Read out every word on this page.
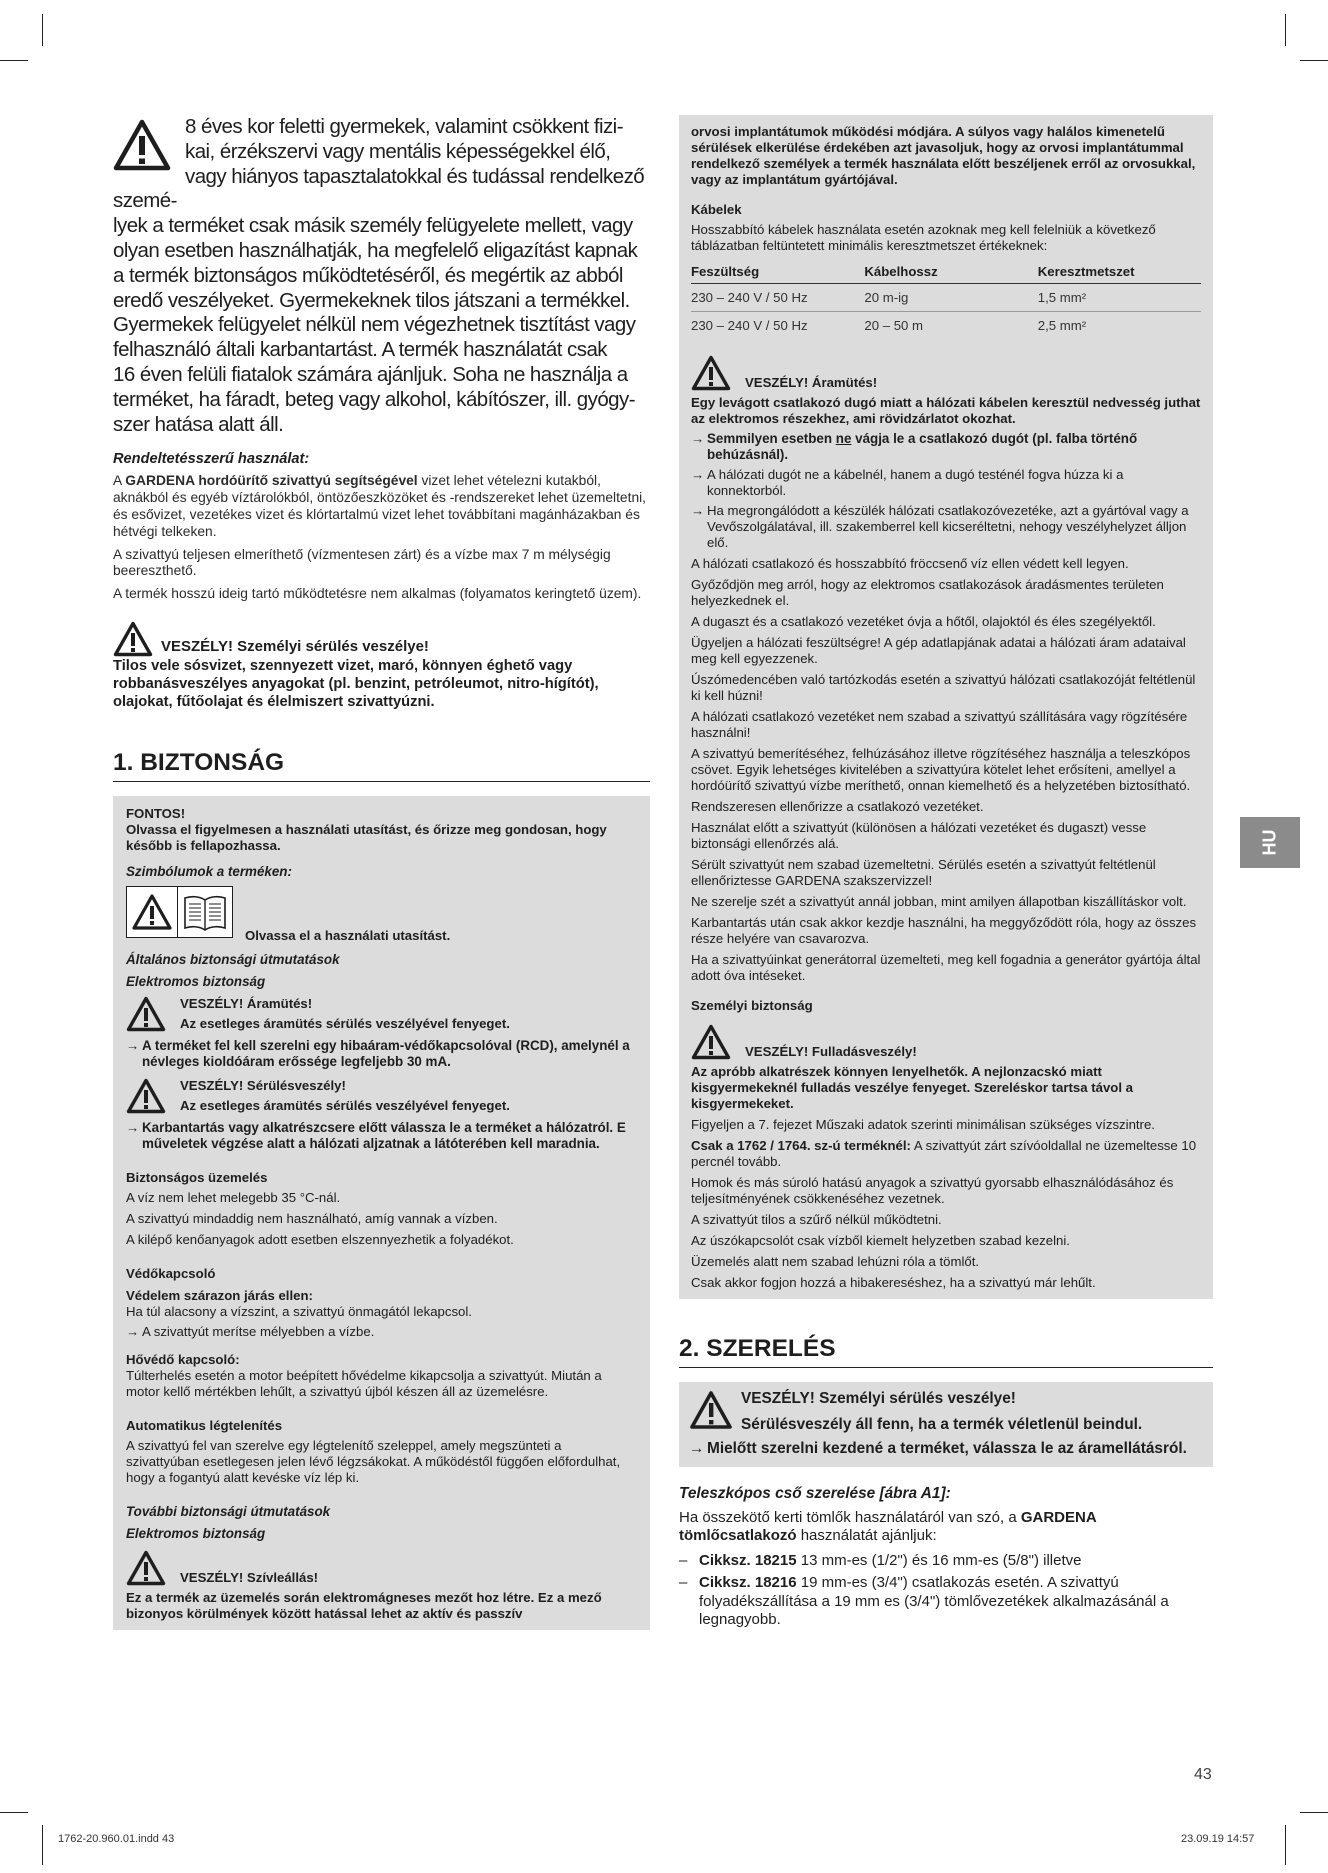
8 éves kor feletti gyermekek, valamint csökkent fizi-
kai, érzékszervi vagy mentális képességekkel élő,
vagy hiányos tapasztalatokkal és tudással rendelkező szemé-
lyek a terméket csak másik személy felügyelete mellett, vagy
olyan esetben használhatják, ha megfelelő eligazítást kapnak
a termék biztonságos működtetéséről, és megértik az abból
eredő veszélyeket. Gyermekeknek tilos játszani a termékkel.
Gyermekek felügyelet nélkül nem végezhetnek tisztítást vagy
felhasználó általi karbantartást. A termék használatát csak
16 éven felüli fiatalok számára ajánljuk. Soha ne használja a
terméket, ha fáradt, beteg vagy alkohol, kábítószer, ill. gyógy-
szer hatása alatt áll.

Rendeltetésszerű használat:

A GARDENA hordóürítő szivattyú segítségével vizet lehet vételezni kutakból, aknákból és egyéb víztárolókból, öntözőeszközöket és -rendszereket lehet üzemeltetni, és esővizet, vezetékes vizet és klórtartalmú vizet lehet továbbítani magánházakban és hétvégi telkeken.

A szivattyú teljesen elmeríthető (vízmentesen zárt) és a vízbe max 7 m mélységig beereszthető.

A termék hosszú ideig tartó működtetésre nem alkalmas (folyamatos keringtető üzem).

VESZÉLY! Személyi sérülés veszélye!

Tilos vele sósvizet, szennyezett vizet, maró, könnyen éghető vagy robbanásveszélyes anyagokat (pl. benzint, petróleumot, nitro-hígítót), olajokat, fűtőolajat és élelmiszert szivattyúzni.

1. BIZTONSÁG

FONTOS!

Olvassa el figyelmesen a használati utasítást, és őrizze meg gondosan, hogy később is fellapozhassa.

Szimbólumok a terméken:

Olvassa el a használati utasítást.

Általános biztonsági útmutatások

Elektromos biztonság

VESZÉLY! Áramütés!

Az esetleges áramütés sérülés veszélyével fenyeget.

→ A terméket fel kell szerelni egy hibaáram-védőkapcsolóval (RCD), amelynél a névleges kioldóáram erőssége legfeljebb 30 mA.

VESZÉLY! Sérülésveszély!

Az esetleges áramütés sérülés veszélyével fenyeget.

→ Karbantartás vagy alkatrészcsere előtt válassza le a terméket a hálózatról. E műveletek végzése alatt a hálózati aljzatnak a látóterében kell maradnia.

Biztonságos üzemelés

A víz nem lehet melegebb 35 °C-nál.

A szivattyú mindaddig nem használható, amíg vannak a vízben.

A kilépő kenőanyagok adott esetben elszennyezhetik a folyadékot.

Védőkapcsoló

Védelem szárazon járás ellen:

Ha túl alacsony a vízszint, a szivattyú önmagától lekapcsol.

→ A szivattyút merítse mélyebben a vízbe.

Hővédő kapcsoló:

Túlterhelés esetén a motor beépített hővédelme kikapcsolja a szivattyút. Miután a motor kellő mértékben lehűlt, a szivattyú újból készen áll az üzemelésre.

Automatikus légtelenítés

A szivattyú fel van szerelve egy légtelenítő szeleppel, amely megszünteti a szivattyúban esetlegesen jelen lévő légzsákokat. A működéstől függően előfordulhat, hogy a fogantyú alatt kevéske víz lép ki.

További biztonsági útmutatások

Elektromos biztonság

VESZÉLY! Szívleállás!

Ez a termék az üzemelés során elektromágneses mezőt hoz létre. Ez a mező bizonyos körülmények között hatással lehet az aktív és passzív

orvosi implantátumok működési módjára. A súlyos vagy halálos kimenetelű sérülések elkerülése érdekében azt javasoljuk, hogy az orvosi implantátummal rendelkező személyek a termék használata előtt beszéljenek erről az orvosukkal, vagy az implantátum gyártójával.

Kábelek

Hosszabbító kábelek használata esetén azoknak meg kell felelniük a következő táblázatban feltüntetett minimális keresztmetszet értékeknek:

Feszültség	Kábelhossz	Keresztmetszet
230 – 240 V / 50 Hz	20 m-ig	1,5 mm²
230 – 240 V / 50 Hz	20 – 50 m	2,5 mm²
VESZÉLY! Áramütés!

Egy levágott csatlakozó dugó miatt a hálózati kábelen keresztül nedvesség juthat az elektromos részekhez, ami rövidzárlatot okozhat.

→ Semmilyen esetben ne vágja le a csatlakozó dugót (pl. falba történő behúzásnál).
→ A hálózati dugót ne a kábelnél, hanem a dugó testénél fogva húzza ki a konnektorból.
→ Ha megrongálódott a készülék hálózati csatlakozóvezetéke, azt a gyártóval vagy a Vevőszolgálatával, ill. szakemberrel kell kicseréltetni, nehogy veszélyhelyzet álljon elő.

A hálózati csatlakozó és hosszabbító fröccsenő víz ellen védett kell legyen.

Győződjön meg arról, hogy az elektromos csatlakozások áradásmentes területen helyezkednek el.

A dugaszt és a csatlakozó vezetéket óvja a hőtől, olajoktól és éles szegélyektől.

Ügyeljen a hálózati feszültségre! A gép adatlapjának adatai a hálózati áram adataival meg kell egyezzenek.

Úszómedencében való tartózkodás esetén a szivattyú hálózati csatlakozóját feltétlenül ki kell húzni!

A hálózati csatlakozó vezetéket nem szabad a szivattyú szállítására vagy rögzítésére használni!

A szivattyú bemerítéséhez, felhúzásához illetve rögzítéséhez használja a teleszkópos csövet. Egyik lehetséges kivitelében a szivattyúra kötelet lehet erősíteni, amellyel a hordóürítő szivattyú vízbe meríthető, onnan kiemelhető és a helyzetében biztosítható.

Rendszeresen ellenőrizze a csatlakozó vezetéket.

Használat előtt a szivattyút (különösen a hálózati vezetéket és dugaszt) vesse biztonsági ellenőrzés alá.

Sérült szivattyút nem szabad üzemeltetni. Sérülés esetén a szivattyút feltétlenül ellenőriztesse GARDENA szakszervizzel!

Ne szerelje szét a szivattyút annál jobban, mint amilyen állapotban kiszállításkor volt.

Karbantartás után csak akkor kezdje használni, ha meggyőződött róla, hogy az összes része helyére van csavarozva.

Ha a szivattyúinkat generátorral üzemelteti, meg kell fogadnia a generátor gyártója által adott óva intéseket.

Személyi biztonság

VESZÉLY! Fulladásveszély!

Az apróbb alkatrészek könnyen lenyelhetők. A nejlonzacskó miatt kisgyermekeknél fulladás veszélye fenyeget. Szereléskor tartsa távol a kisgyermekeket.

Figyeljen a 7. fejezet Műszaki adatok szerinti minimálisan szükséges vízszintre.

Csak a 1762 / 1764. sz-ú terméknél: A szivattyút zárt szívóoldallal ne üzemeltesse 10 percnél tovább.

Homok és más súroló hatású anyagok a szivattyú gyorsabb elhasználódásához és teljesítményének csökkenéséhez vezetnek.

A szivattyút tilos a szűrő nélkül működtetni.

Az úszókapcsolót csak vízből kiemelt helyzetben szabad kezelni.

Üzemelés alatt nem szabad lehúzni róla a tömlőt.

Csak akkor fogjon hozzá a hibakereséshez, ha a szivattyú már lehűlt.

2. SZERELÉS

VESZÉLY! Személyi sérülés veszélye!

Sérülésveszély áll fenn, ha a termék véletlenül beindul.

→ Mielőtt szerelni kezdené a terméket, válassza le az áramellátásról.

Teleszkópos cső szerelése [ábra A1]:

Ha összekötő kerti tömlők használatáról van szó, a GARDENA tömlőcsatlakozó használatát ajánljuk:

– Cikksz. 18215 13 mm-es (1/2") és 16 mm-es (5/8") illetve
– Cikksz. 18216 19 mm-es (3/4") csatlakozás esetén. A szivattyú folyadékszállítása a 19 mm es (3/4") tömlővezetékek alkalmazásánál a legnagyobb.
HU
43
1762-20.960.01.indd 43	23.09.19 14:57
